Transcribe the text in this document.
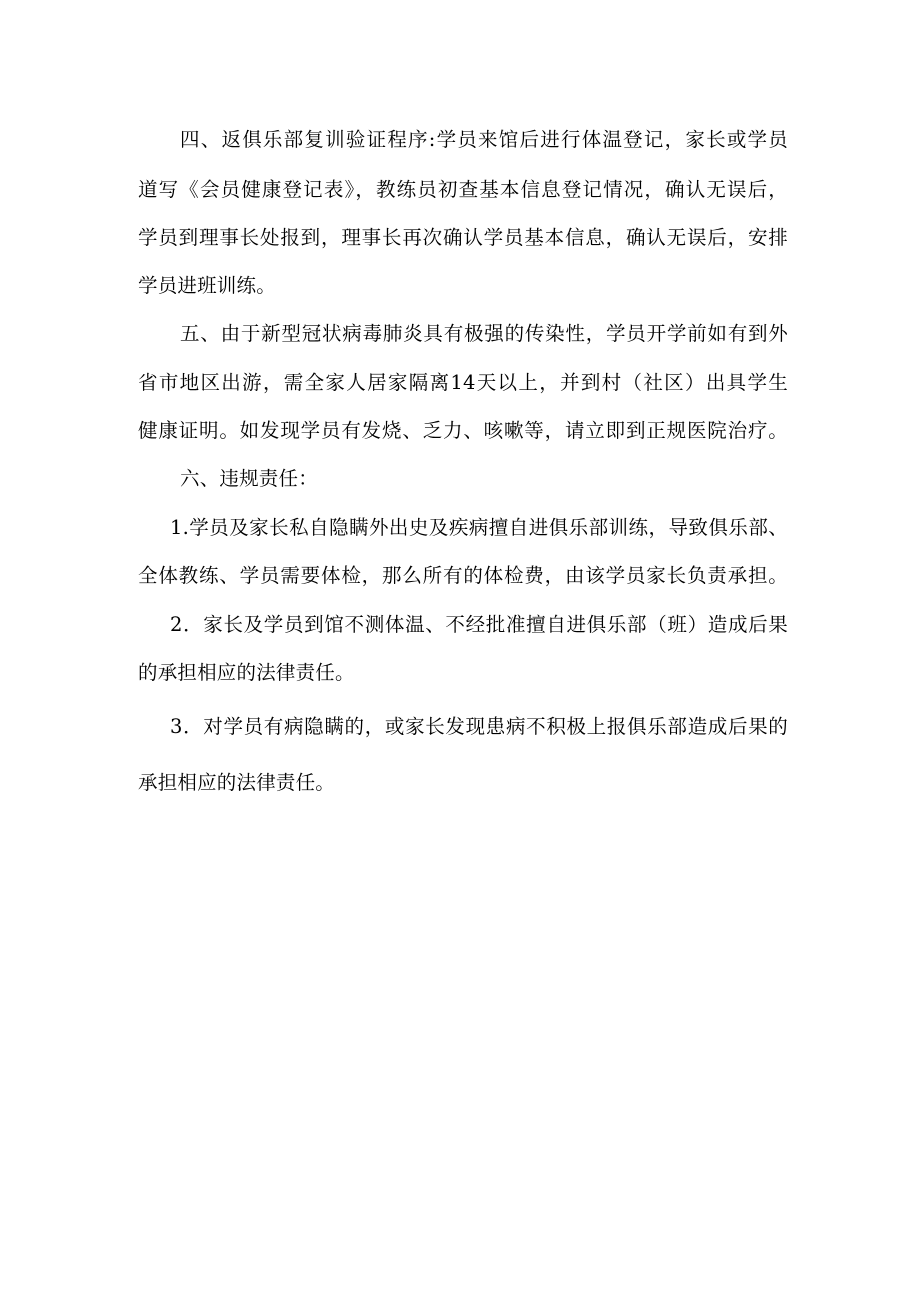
四、返俱乐部复训验证程序:学员来馆后进行体温登记，家长或学员
道写《会员健康登记表》，教练员初查基本信息登记情况，确认无误后，
学员到理事长处报到，理事长再次确认学员基本信息，确认无误后，安排
学员进班训练。
五、由于新型冠状病毒肺炎具有极强的传染性，学员开学前如有到外
省市地区出游，需全家人居家隔离14天以上，并到村（社区）出具学生
健康证明。如发现学员有发烧、乏力、咳嗽等，请立即到正规医院治疗。
六、违规责任：
1.学员及家长私自隐瞒外出史及疾病擅自进俱乐部训练，导致俱乐部、
全体教练、学员需要体检，那么所有的体检费，由该学员家长负责承担。
2．家长及学员到馆不测体温、不经批准擅自进俱乐部（班）造成后果
的承担相应的法律责任。
3．对学员有病隐瞒的，或家长发现患病不积极上报俱乐部造成后果的
承担相应的法律责任。
